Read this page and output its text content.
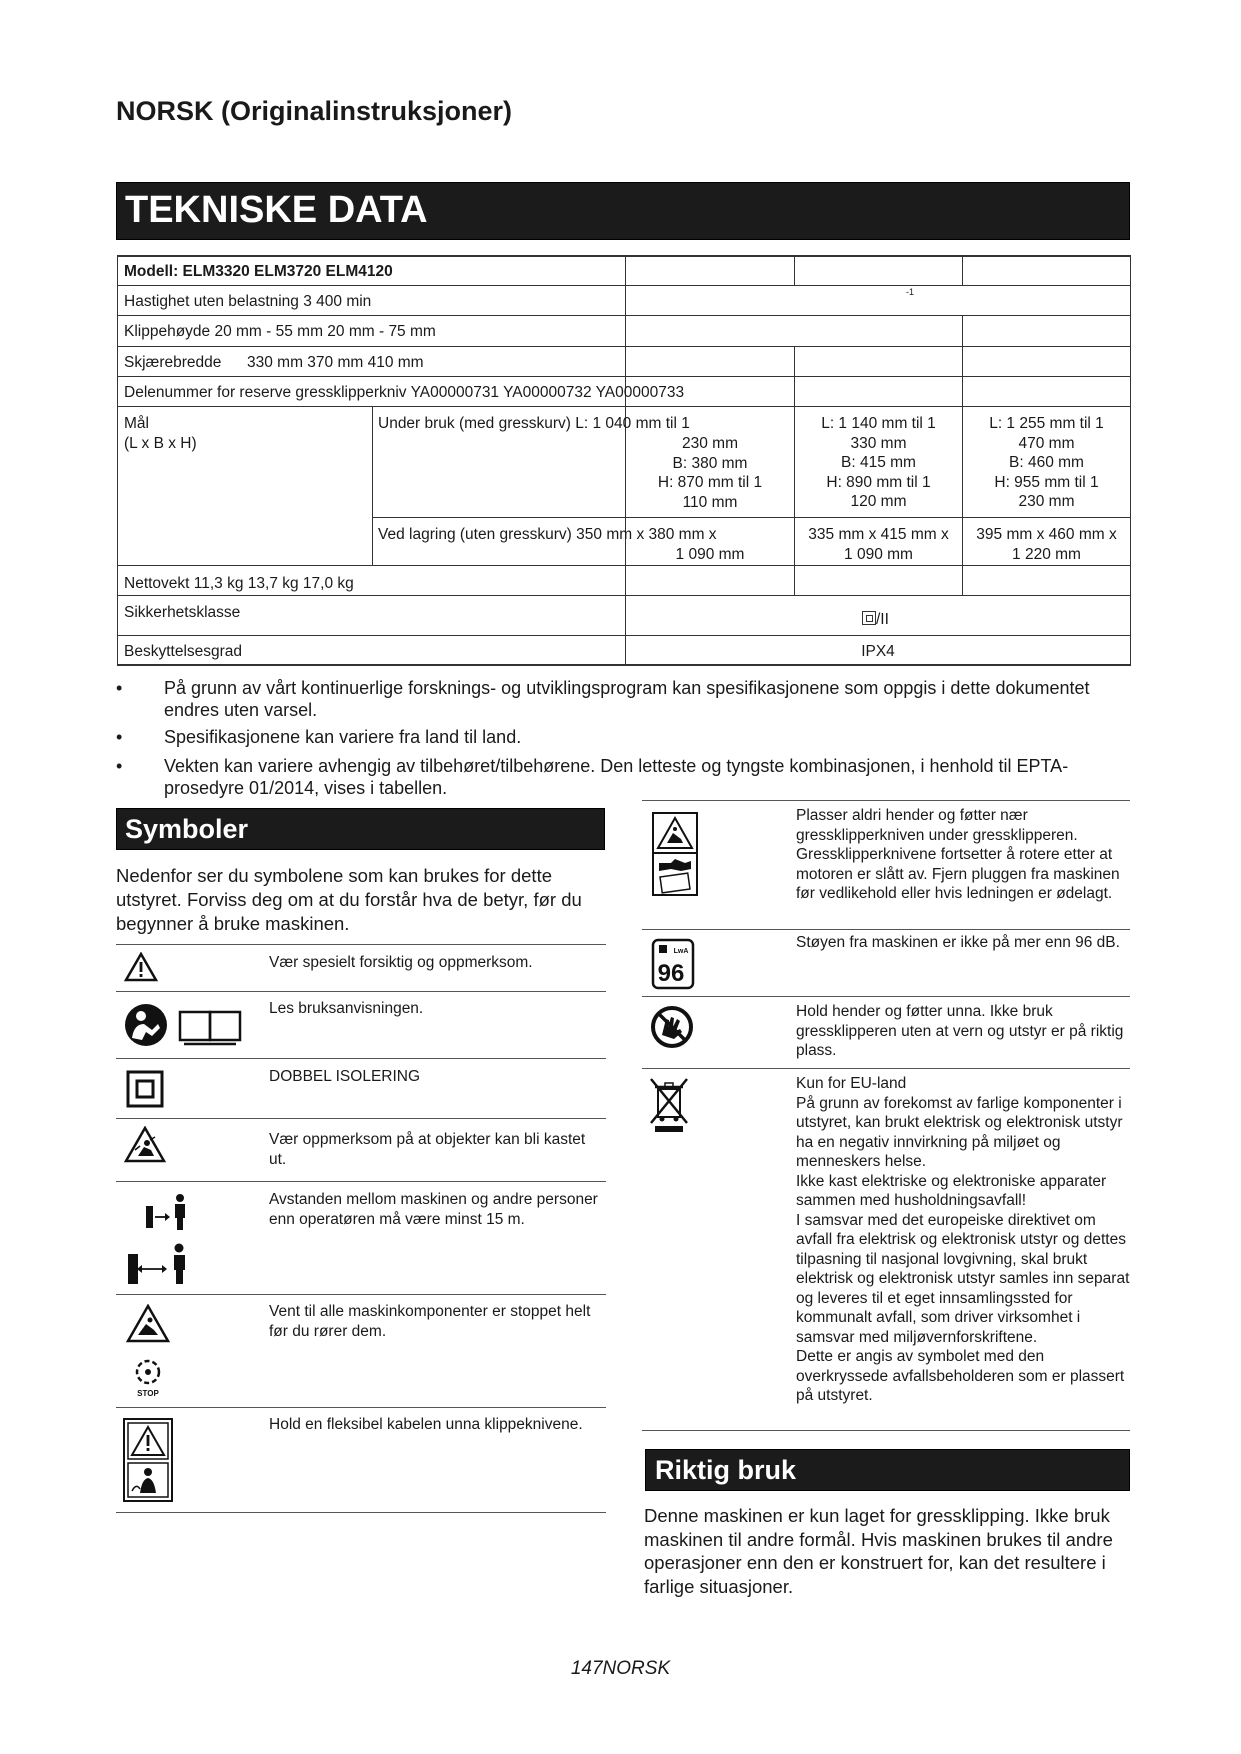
NORSK (Originalinstruksjoner)
TEKNISKE DATA
Modell: ELM3320 ELM3720 ELM4120
Hastighet uten belastning 3 400 min
-1
Klippehøyde 20 mm - 55 mm 20 mm - 75 mm
Skjærebredde 330 mm 370 mm 410 mm
Delenummer for reserve gressklipperkniv YA00000731 YA00000732 YA00000733
Mål
(L x B x H)
Under bruk (med gresskurv) L: 1 040 mm til 1
230 mm
B: 380 mm
H: 870 mm til 1
110 mm
L: 1 140 mm til 1
330 mm
B: 415 mm
H: 890 mm til 1
120 mm
L: 1 255 mm til 1
470 mm
B: 460 mm
H: 955 mm til 1
230 mm
Ved lagring (uten gresskurv) 350 mm x 380 mm x
1 090 mm
335 mm x 415 mm x
1 090 mm
395 mm x 460 mm x
1 220 mm
Nettovekt 11,3 kg 13,7 kg 17,0 kg
Sikkerhetsklasse	/II
Beskyttelsesgrad	IPX4
• På grunn av vårt kontinuerlige forsknings- og utviklingsprogram kan spesifikasjonene som oppgis i dette dokumentet endres uten varsel.
• Spesifikasjonene kan variere fra land til land.
• Vekten kan variere avhengig av tilbehøret/tilbehørene. Den letteste og tyngste kombinasjonen, i henhold til EPTA-prosedyre 01/2014, vises i tabellen.
Symboler
Nedenfor ser du symbolene som kan brukes for dette utstyret. Forviss deg om at du forstår hva de betyr, før du begynner å bruke maskinen.
Vær spesielt forsiktig og oppmerksom.
Les bruksanvisningen.
DOBBEL ISOLERING
Vær oppmerksom på at objekter kan bli kastet ut.
Avstanden mellom maskinen og andre personer enn operatøren må være minst 15 m.
STOP
Vent til alle maskinkomponenter er stoppet helt før du rører dem.
Hold en fleksibel kabelen unna klippeknivene.
Plasser aldri hender og føtter nær gressklipperkniven under gressklipperen. Gressklipperknivene fortsetter å rotere etter at motoren er slått av. Fjern pluggen fra maskinen før vedlikehold eller hvis ledningen er ødelagt.
LwA
96
Støyen fra maskinen er ikke på mer enn 96 dB.
Hold hender og føtter unna. Ikke bruk gressklipperen uten at vern og utstyr er på riktig plass.
Kun for EU-land
På grunn av forekomst av farlige komponenter i utstyret, kan brukt elektrisk og elektronisk utstyr ha en negativ innvirkning på miljøet og menneskers helse.
Ikke kast elektriske og elektroniske apparater sammen med husholdningsavfall!
I samsvar med det europeiske direktivet om avfall fra elektrisk og elektronisk utstyr og dettes tilpasning til nasjonal lovgivning, skal brukt elektrisk og elektronisk utstyr samles inn separat og leveres til et eget innsamlingssted for kommunalt avfall, som driver virksomhet i samsvar med miljøvernforskriftene.
Dette er angis av symbolet med den overkryssede avfallsbeholderen som er plassert på utstyret.
Riktig bruk
Denne maskinen er kun laget for gressklipping. Ikke bruk maskinen til andre formål. Hvis maskinen brukes til andre operasjoner enn den er konstruert for, kan det resultere i farlige situasjoner.
147NORSK
